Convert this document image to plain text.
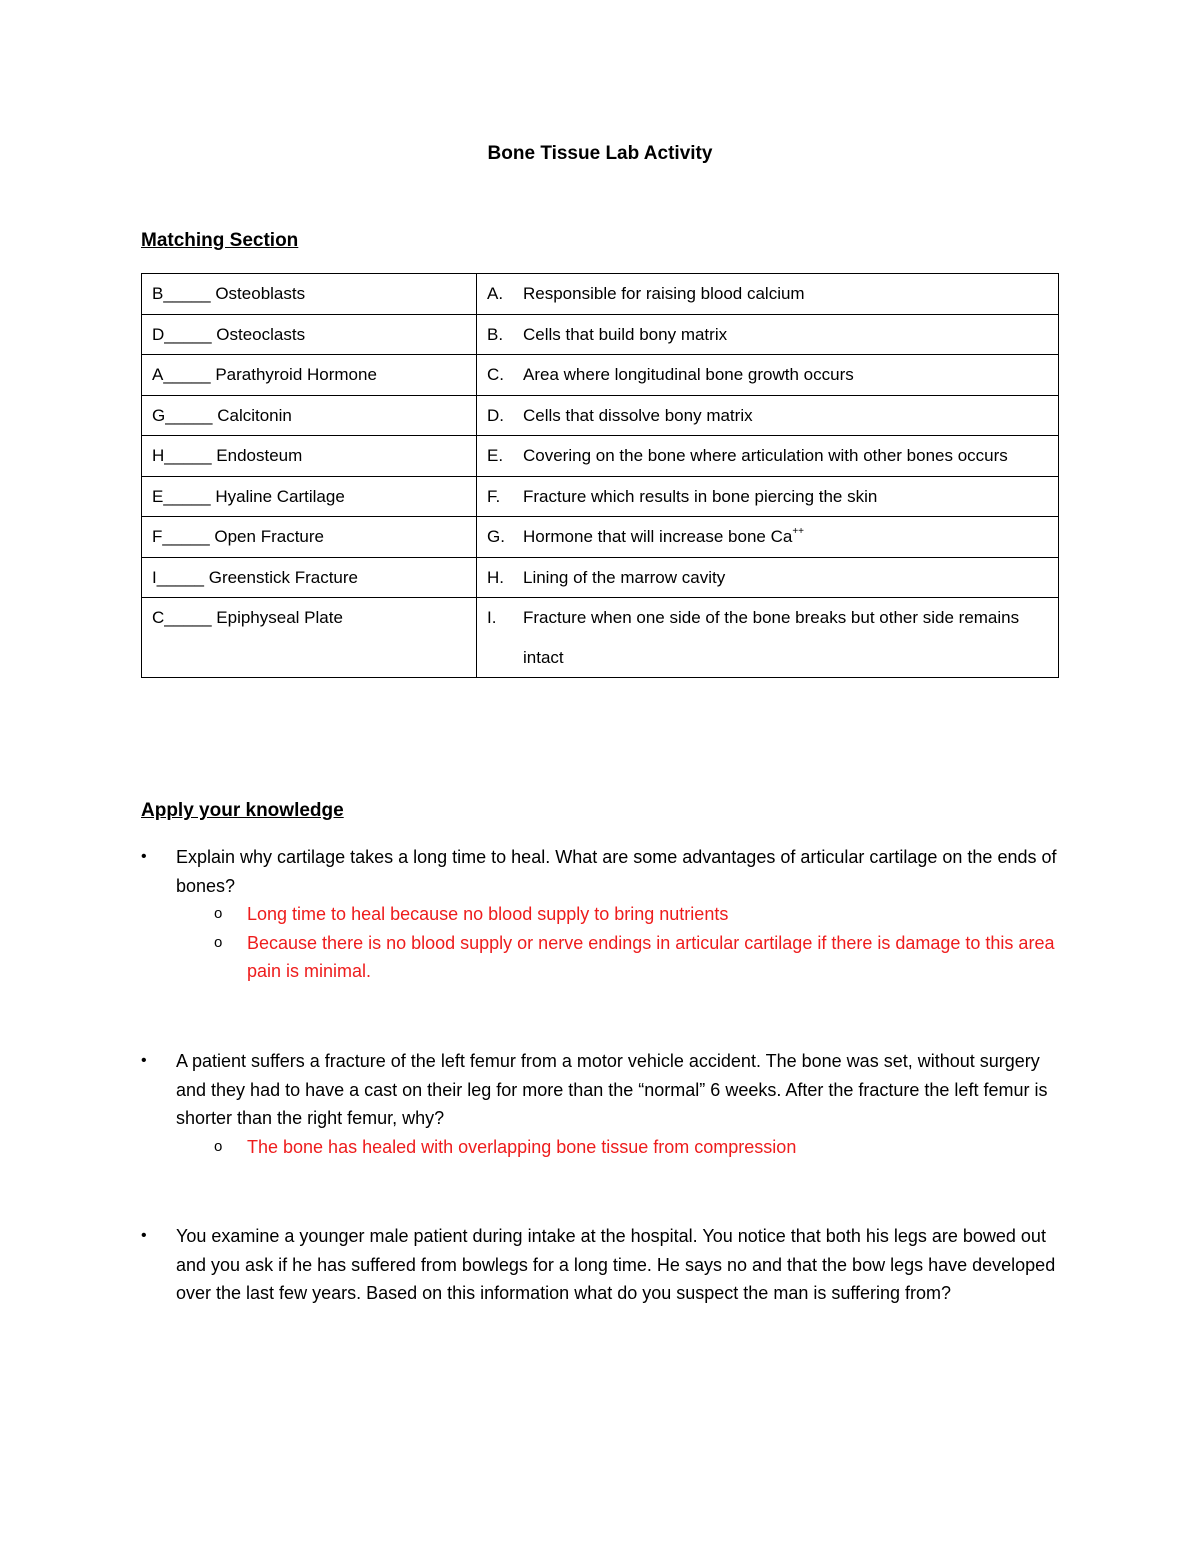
Bone Tissue Lab Activity
Matching Section
B_____ Osteoblasts	A. Responsible for raising blood calcium
D_____ Osteoclasts	B. Cells that build bony matrix
A_____ Parathyroid Hormone	C. Area where longitudinal bone growth occurs
G_____ Calcitonin	D. Cells that dissolve bony matrix
H_____ Endosteum	E. Covering on the bone where articulation with other bones occurs
E_____ Hyaline Cartilage	F. Fracture which results in bone piercing the skin
F_____ Open Fracture	G. Hormone that will increase bone Ca++
I_____ Greenstick Fracture	H. Lining of the marrow cavity
C_____ Epiphyseal Plate	I. Fracture when one side of the bone breaks but other side remains intact
Apply your knowledge
•	Explain why cartilage takes a long time to heal. What are some advantages of articular cartilage on the ends of bones?
o Long time to heal because no blood supply to bring nutrients
o Because there is no blood supply or nerve endings in articular cartilage if there is damage to this area pain is minimal.
•	A patient suffers a fracture of the left femur from a motor vehicle accident. The bone was set, without surgery and they had to have a cast on their leg for more than the “normal” 6 weeks. After the fracture the left femur is shorter than the right femur, why?
o The bone has healed with overlapping bone tissue from compression
•	You examine a younger male patient during intake at the hospital. You notice that both his legs are bowed out and you ask if he has suffered from bowlegs for a long time. He says no and that the bow legs have developed over the last few years. Based on this information what do you suspect the man is suffering from?
